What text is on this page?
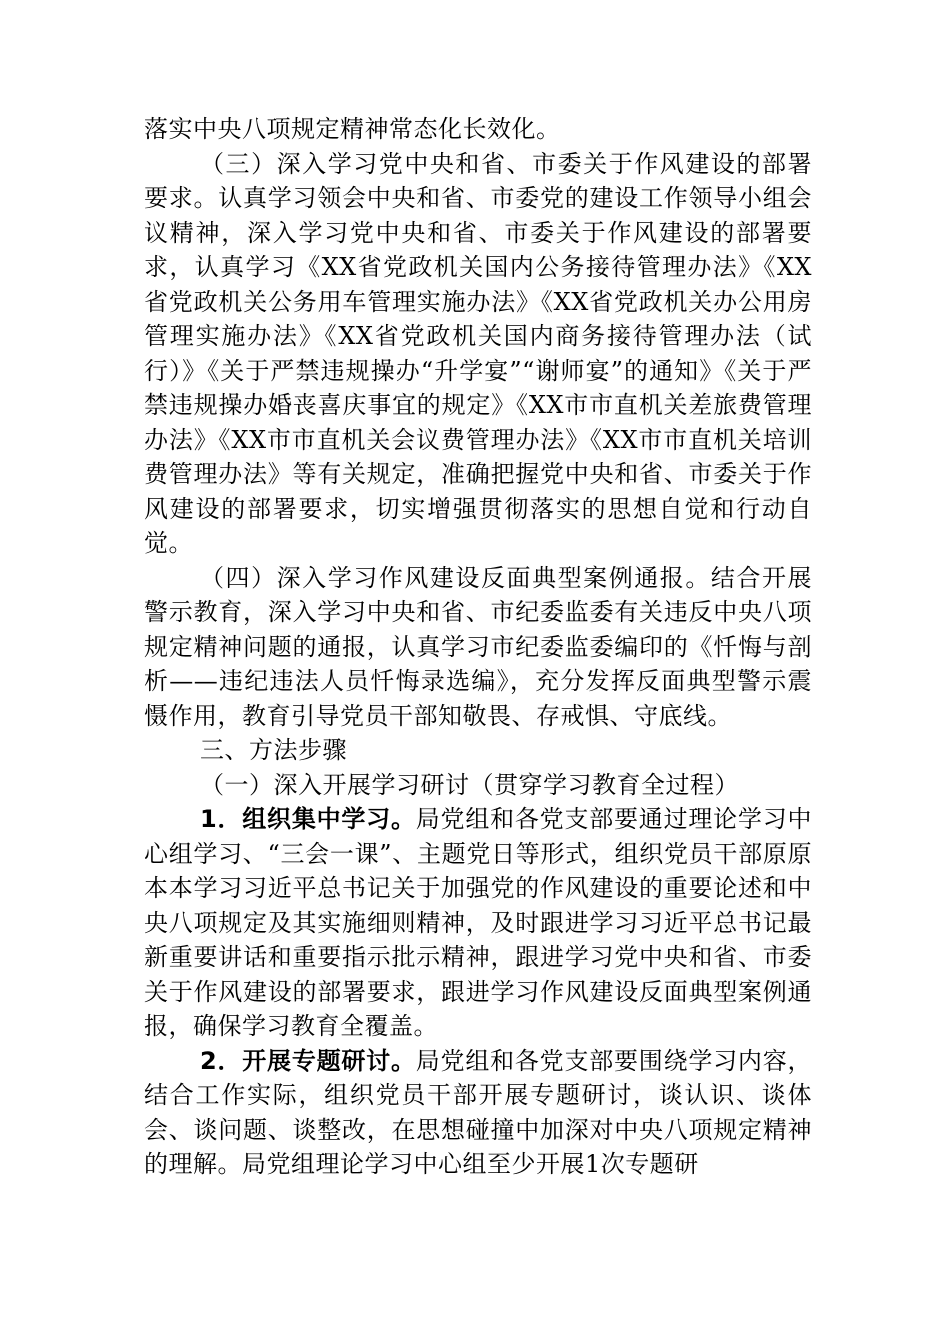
落实中央八项规定精神常态化长效化。

（三）深入学习党中央和省、市委关于作风建设的部署要求。认真学习领会中央和省、市委党的建设工作领导小组会议精神，深入学习党中央和省、市委关于作风建设的部署要求，认真学习《XX省党政机关国内公务接待管理办法》《XX省党政机关公务用车管理实施办法》《XX省党政机关办公用房管理实施办法》《XX省党政机关国内商务接待管理办法（试行）》《关于严禁违规操办“升学宴”“谢师宴”的通知》《关于严禁违规操办婚丧喜庆事宜的规定》《XX市市直机关差旅费管理办法》《XX市市直机关会议费管理办法》《XX市市直机关培训费管理办法》等有关规定，准确把握党中央和省、市委关于作风建设的部署要求，切实增强贯彻落实的思想自觉和行动自觉。

（四）深入学习作风建设反面典型案例通报。结合开展警示教育，深入学习中央和省、市纪委监委有关违反中央八项规定精神问题的通报，认真学习市纪委监委编印的《忏悔与剖析——违纪违法人员忏悔录选编》，充分发挥反面典型警示震慑作用，教育引导党员干部知敬畏、存戒惧、守底线。

三、方法步骤

（一）深入开展学习研讨（贯穿学习教育全过程）

1．组织集中学习。局党组和各党支部要通过理论学习中心组学习、“三会一课”、主题党日等形式，组织党员干部原原本本学习习近平总书记关于加强党的作风建设的重要论述和中央八项规定及其实施细则精神，及时跟进学习习近平总书记最新重要讲话和重要指示批示精神，跟进学习党中央和省、市委关于作风建设的部署要求，跟进学习作风建设反面典型案例通报，确保学习教育全覆盖。

2．开展专题研讨。局党组和各党支部要围绕学习内容，结合工作实际，组织党员干部开展专题研讨，谈认识、谈体会、谈问题、谈整改，在思想碰撞中加深对中央八项规定精神的理解。局党组理论学习中心组至少开展1次专题研
